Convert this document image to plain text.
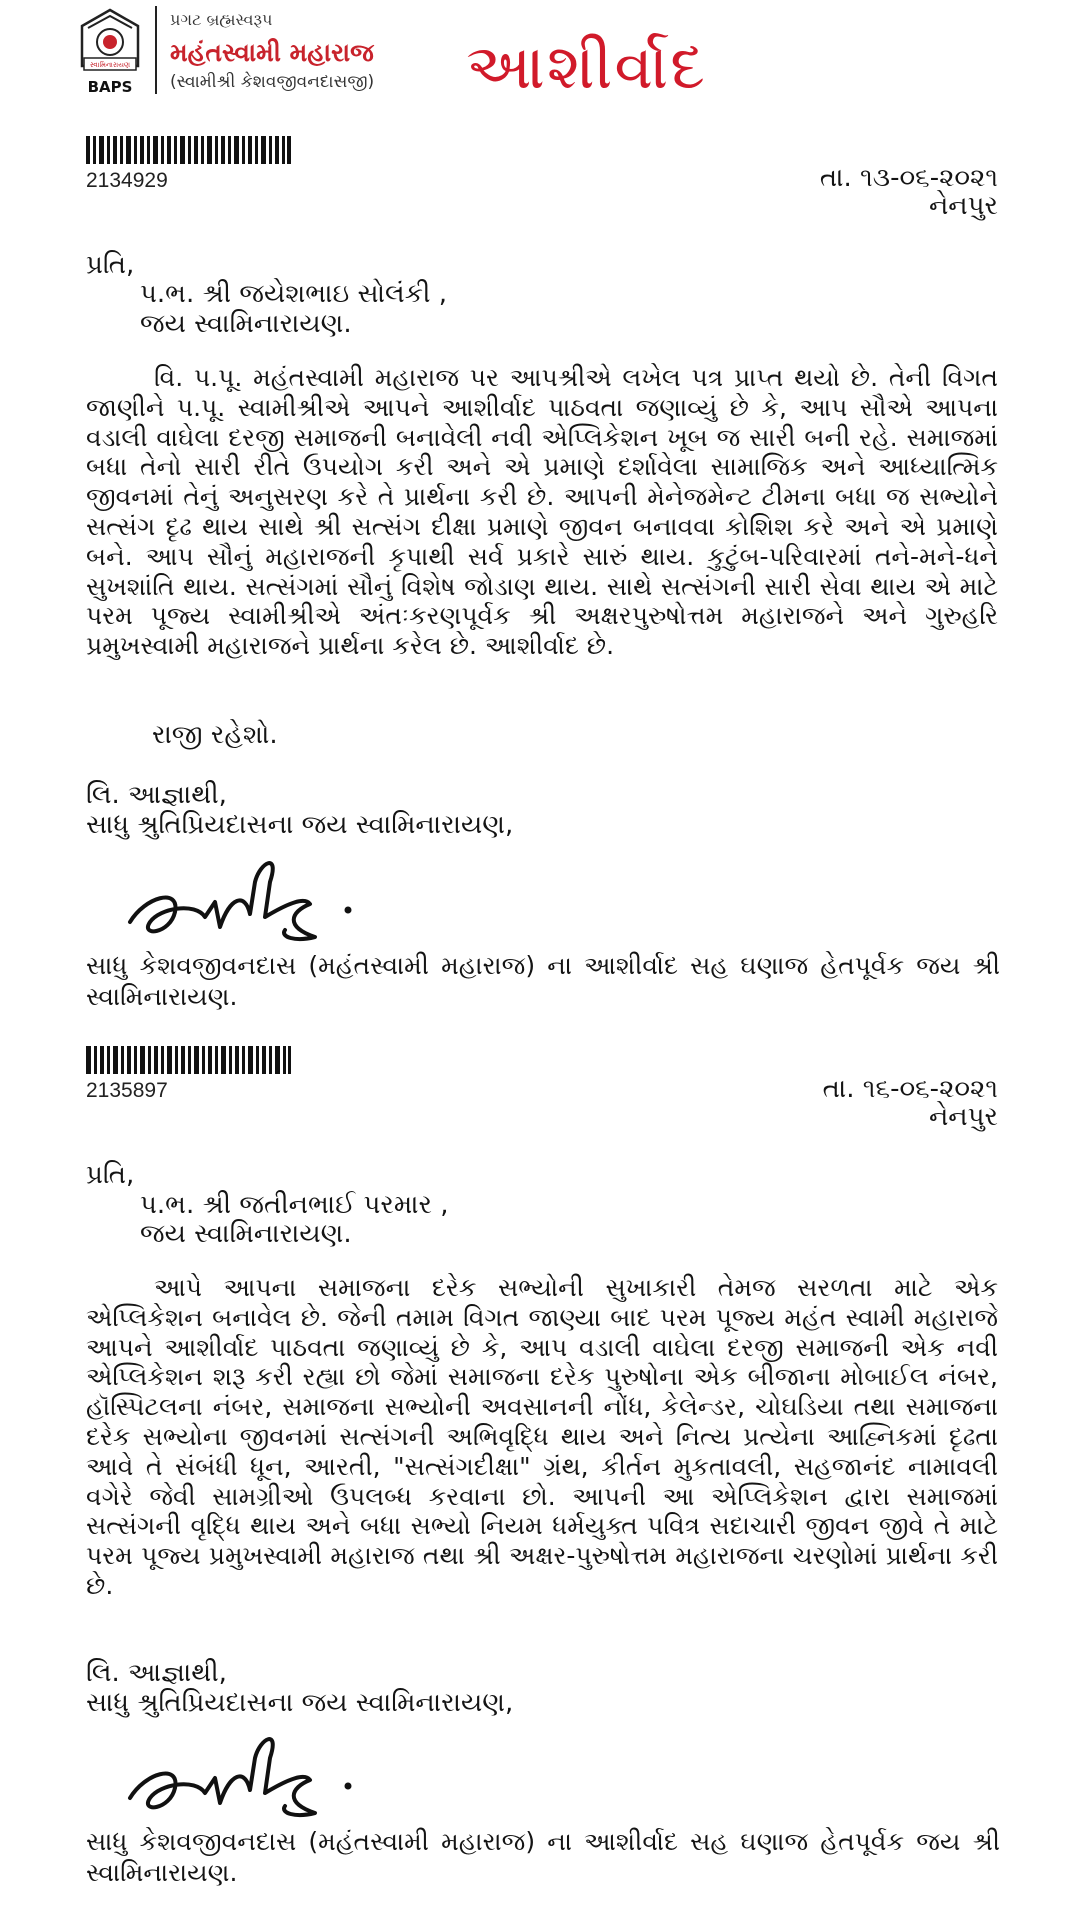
સ્વામિનારાયણ
BAPS
પ્રગટ બ્રહ્મસ્વરૂપ
મહંતસ્વામી મહારાજ
(સ્વામીશ્રી કેશવજીવનદાસજી) આશીર્વાદ
2134929	તા. ૧૩-૦૬-૨૦૨૧
નેનપુર
પ્રતિ,
પ.ભ. શ્રી જયેશભાઇ સોલંકી ,
જય સ્વામિનારાયણ.

વિ. પ.પૂ. મહંતસ્વામી મહારાજ પર આપશ્રીએ લખેલ પત્ર પ્રાપ્ત થયો છે. તેની વિગત જાણીને પ.પૂ. સ્વામીશ્રીએ આપને આશીર્વાદ પાઠવતા જણાવ્યું છે કે, આપ સૌએ આપના વડાલી વાઘેલા દરજી સમાજની બનાવેલી નવી એપ્લિકેશન ખૂબ જ સારી બની રહે. સમાજમાં બધા તેનો સારી રીતે ઉપયોગ કરી અને એ પ્રમાણે દર્શાવેલા સામાજિક અને આધ્યાત્મિક જીવનમાં તેનું અનુસરણ કરે તે પ્રાર્થના કરી છે. આપની મેનેજમેન્ટ ટીમના બધા જ સભ્યોને સત્સંગ દૃઢ થાય સાથે શ્રી સત્સંગ દીક્ષા પ્રમાણે જીવન બનાવવા કોશિશ કરે અને એ પ્રમાણે બને. આપ સૌનું મહારાજની કૃપાથી સર્વ પ્રકારે સારું થાય. કુટુંબ-પરિવારમાં તને-મને-ધને સુખશાંતિ થાય. સત્સંગમાં સૌનું વિશેષ જોડાણ થાય. સાથે સત્સંગની સારી સેવા થાય એ માટે પરમ પૂજ્ય સ્વામીશ્રીએ અંતઃકરણપૂર્વક શ્રી અક્ષરપુરુષોત્તમ મહારાજને અને ગુરુહરિ પ્રમુખસ્વામી મહારાજને પ્રાર્થના કરેલ છે. આશીર્વાદ છે.

રાજી રહેશો.
લિ. આજ્ઞાથી,
સાધુ શ્રુતિપ્રિયદાસના જય સ્વામિનારાયણ,

સાધુ કેશવજીવનદાસ (મહંતસ્વામી મહારાજ) ના આશીર્વાદ સહ ઘણાજ હેતપૂર્વક જય શ્રી સ્વામિનારાયણ.

2135897	તા. ૧૬-૦૬-૨૦૨૧
નેનપુર
પ્રતિ,
પ.ભ. શ્રી જતીનભાઈ પરમાર ,
જય સ્વામિનારાયણ.

આપે આપના સમાજના દરેક સભ્યોની સુખાકારી તેમજ સરળતા માટે એક એપ્લિકેશન બનાવેલ છે. જેની તમામ વિગત જાણ્યા બાદ પરમ પૂજ્ય મહંત સ્વામી મહારાજે આપને આશીર્વાદ પાઠવતા જણાવ્યું છે કે, આપ વડાલી વાઘેલા દરજી સમાજની એક નવી એપ્લિકેશન શરૂ કરી રહ્યા છો જેમાં સમાજના દરેક પુરુષોના એક બીજાના મોબાઈલ નંબર, હૉસ્પિટલના નંબર, સમાજના સભ્યોની અવસાનની નોંધ, કેલેન્ડર, ચોઘડિયા તથા સમાજના દરેક સભ્યોના જીવનમાં સત્સંગની અભિવૃદ્ધિ થાય અને નિત્ય પ્રત્યેના આહ્નિકમાં દૃઢતા આવે તે સંબંધી ધૂન, આરતી, "સત્સંગદીક્ષા" ગ્રંથ, કીર્તન મુકતાવલી, સહજાનંદ નામાવલી વગેરે જેવી સામગ્રીઓ ઉપલબ્ધ કરવાના છો. આપની આ એપ્લિકેશન દ્વારા સમાજમાં સત્સંગની વૃદ્ધિ થાય અને બધા સભ્યો નિયમ ધર્મયુક્ત પવિત્ર સદાચારી જીવન જીવે તે માટે પરમ પૂજ્ય પ્રમુખસ્વામી મહારાજ તથા શ્રી અક્ષર-પુરુષોત્તમ મહારાજના ચરણોમાં પ્રાર્થના કરી છે.

લિ. આજ્ઞાથી,
સાધુ શ્રુતિપ્રિયદાસના જય સ્વામિનારાયણ,

સાધુ કેશવજીવનદાસ (મહંતસ્વામી મહારાજ) ના આશીર્વાદ સહ ઘણાજ હેતપૂર્વક જય શ્રી સ્વામિનારાયણ.
